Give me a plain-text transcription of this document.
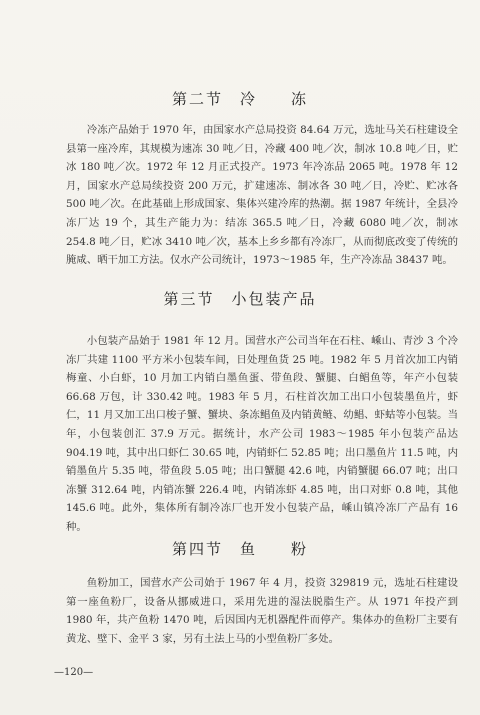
第二节　冷　　冻
冷冻产品始于 1970 年，由国家水产总局投资 84.64 万元，选址马关石柱建设全县第一座冷库，其规模为速冻 30 吨／日，冷藏 400 吨／次，制冰 10.8 吨／日，贮冰 180 吨／次。1972 年 12 月正式投产。1973 年冷冻品 2065 吨。1978 年 12 月，国家水产总局续投资 200 万元，扩建速冻、制冰各 30 吨／日，冷贮、贮冰各 500 吨／次。在此基础上形成国家、集体兴建冷库的热潮。据 1987 年统计，全县冷冻厂达 19 个，其生产能力为：结冻 365.5 吨／日，冷藏 6080 吨／次，制冰 254.8 吨／日，贮冰 3410 吨／次，基本上乡乡都有冷冻厂，从而彻底改变了传统的腌咸、晒干加工方法。仅水产公司统计，1973～1985 年，生产冷冻品 38437 吨。
第三节　小包装产品
小包装产品始于 1981 年 12 月。国营水产公司当年在石柱、嵊山、青沙 3 个冷冻厂共建 1100 平方米小包装车间，日处理鱼货 25 吨。1982 年 5 月首次加工内销梅童、小白虾，10 月加工内销白墨鱼蛋、带鱼段、蟹腿、白鲳鱼等，年产小包装 66.68 万包，计 330.42 吨。1983 年 5 月，石柱首次加工出口小包装墨鱼片，虾仁，11 月又加工出口梭子蟹、蟹块、条冻鲳鱼及内销黄鲢、幼鲳、虾蛄等小包装。当年，小包装创汇 37.9 万元。据统计，水产公司 1983～1985 年小包装产品达 904.19 吨，其中出口虾仁 30.65 吨，内销虾仁 52.85 吨；出口墨鱼片 11.5 吨，内销墨鱼片 5.35 吨，带鱼段 5.05 吨；出口蟹腿 42.6 吨，内销蟹腿 66.07 吨；出口冻蟹 312.64 吨，内销冻蟹 226.4 吨，内销冻虾 4.85 吨，出口对虾 0.8 吨，其他 145.6 吨。此外，集体所有制冷冻厂也开发小包装产品，嵊山镇冷冻厂产品有 16 种。
第四节　鱼　　粉
鱼粉加工，国营水产公司始于 1967 年 4 月，投资 329819 元，选址石柱建设第一座鱼粉厂，设备从挪威进口，采用先进的湿法脱脂生产。从 1971 年投产到 1980 年，共产鱼粉 1470 吨，后因国内无机器配件而停产。集体办的鱼粉厂主要有黄龙、壁下、金平 3 家，另有土法上马的小型鱼粉厂多处。
—120—
